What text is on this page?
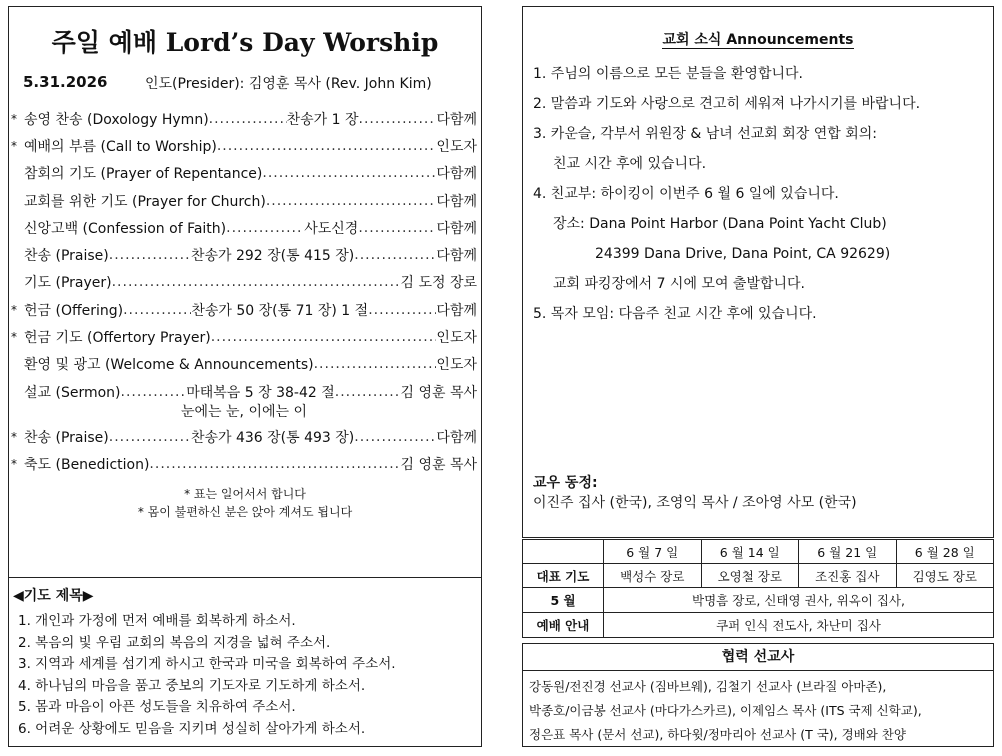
주일 예배 Lord’s Day Worship
5.31.2026	인도(Presider): 김영훈 목사 (Rev. John Kim)
* 송영 찬송 (Doxology Hymn) .....	찬송가 1 장 .....	다함께
* 예배의 부름 (Call to Worship) .....	인도자
참회의 기도 (Prayer of Repentance) .....	다함께
교회를 위한 기도 (Prayer for Church) .....	다함께
신앙고백 (Confession of Faith) .....	사도신경 .....	다함께
찬송 (Praise) .....	찬송가 292 장(통 415 장) .....	다함께
기도 (Prayer) .....	김 도정 장로
* 헌금 (Offering) .....	찬송가 50 장(통 71 장) 1 절 .....	다함께
* 헌금 기도 (Offertory Prayer) .....	인도자
환영 및 광고 (Welcome & Announcements) .....	인도자
설교 (Sermon) .....	마태복음 5 장 38-42 절 .....	김 영훈 목사
눈에는 눈, 이에는 이
* 찬송 (Praise) .....	찬송가 436 장(통 493 장) .....	다함께
* 축도 (Benediction) .....	김 영훈 목사
* 표는 일어서서 합니다
* 몸이 불편하신 분은 앉아 계셔도 됩니다
◀기도 제목▶
1. 개인과 가정에 먼저 예배를 회복하게 하소서.
2. 복음의 빛 우림 교회의 복음의 지경을 넓혀 주소서.
3. 지역과 세계를 섬기게 하시고 한국과 미국을 회복하여 주소서.
4. 하나님의 마음을 품고 중보의 기도자로 기도하게 하소서.
5. 몸과 마음이 아픈 성도들을 치유하여 주소서.
6. 어려운 상황에도 믿음을 지키며 성실히 살아가게 하소서.
교회 소식 Announcements
1. 주님의 이름으로 모든 분들을 환영합니다.
2. 말씀과 기도와 사랑으로 견고히 세워져 나가시기를 바랍니다.
3. 카운슬, 각부서 위원장 & 남녀 선교회 회장 연합 회의:
친교 시간 후에 있습니다.
4. 친교부: 하이킹이 이번주 6 월 6 일에 있습니다.
장소: Dana Point Harbor (Dana Point Yacht Club)
24399 Dana Drive, Dana Point, CA 92629)
교회 파킹장에서 7 시에 모여 출발합니다.
5. 목자 모임: 다음주 친교 시간 후에 있습니다.
교우 동정:
이진주 집사 (한국), 조영익 목사 / 조아영 사모 (한국)
	6 월 7 일	6 월 14 일	6 월 21 일	6 월 28 일
대표 기도	백성수 장로	오영철 장로	조진홍 집사	김영도 장로
5 월	박명흠 장로, 신태영 권사, 위옥이 집사,			
예배 안내	쿠퍼 인식 전도사, 차난미 집사			
협력 선교사
강동원/전진경 선교사 (짐바브웨), 김철기 선교사 (브라질 아마존),
박종호/이금봉 선교사 (마다가스카르), 이제임스 목사 (ITS 국제 신학교),
정은표 목사 (문서 선교), 하다윗/정마리아 선교사 (T 국), 경배와 찬양
